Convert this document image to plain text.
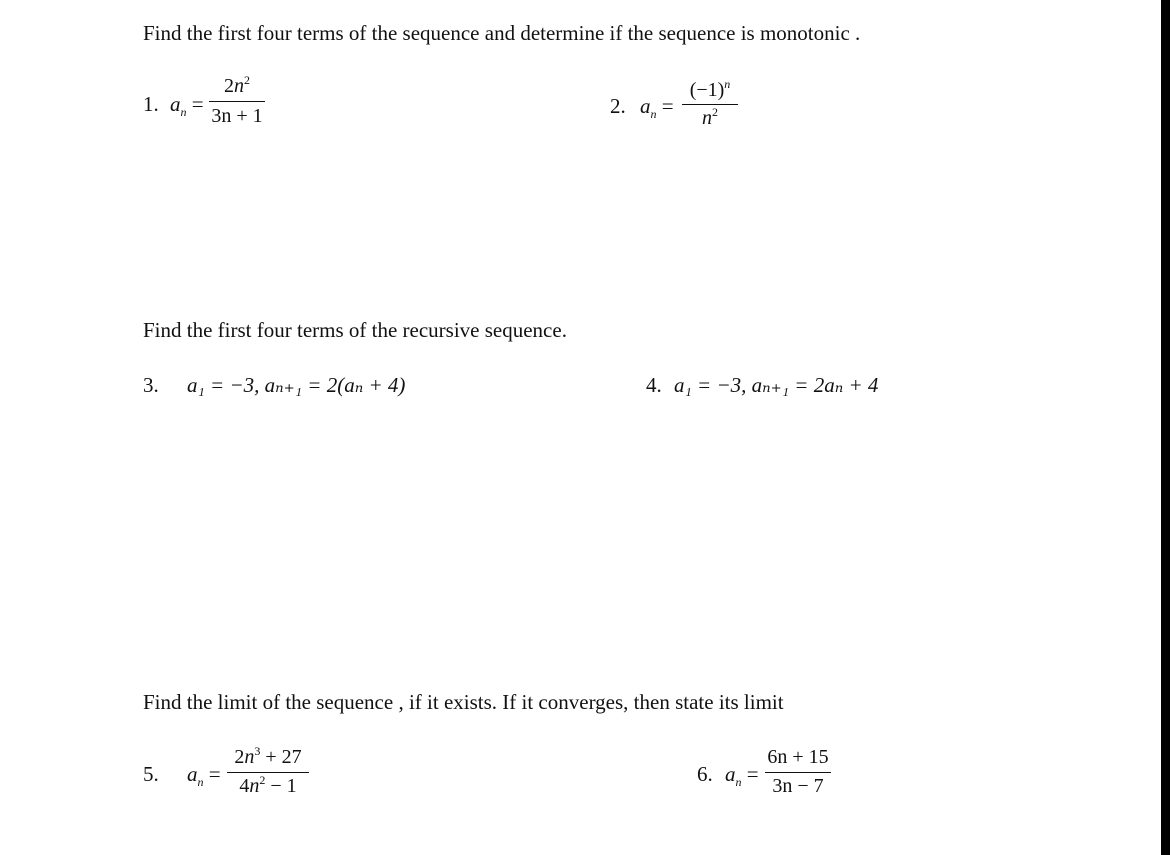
Find the first four terms of the sequence and determine if the sequence is monotonic .
1. $a_n$ =
$2n^2$
3n + 1	2. $a_n$ =
$(-1)^n$
$n^2$
Find the first four terms of the recursive sequence.
3. a₁ = −3, aₙ₊₁ = 2(aₙ + 4)	4. a₁ = −3, aₙ₊₁ = 2aₙ + 4
Find the limit of the sequence , if it exists. If it converges, then state its limit
5. $a_n$ =
$2n^3 + 27$
$4n^2 - 1$	6. $a_n$ =
6n + 15
3n − 7
